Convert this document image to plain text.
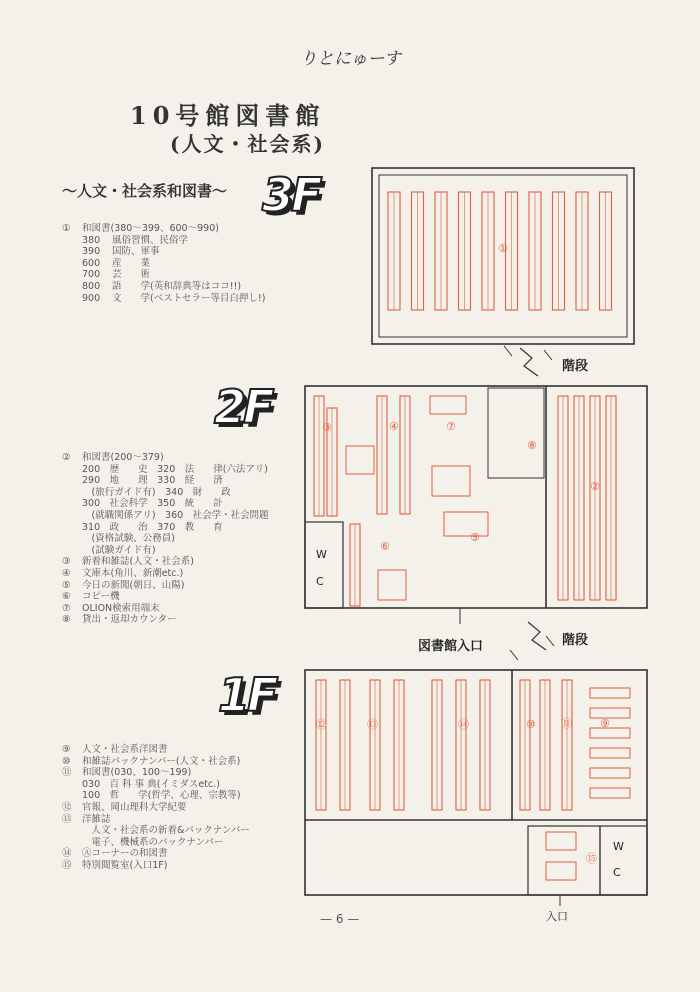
りとにゅーす
10号館図書館
(人文・社会系)
〜人文・社会系和図書〜 3F
2F
1F
①	和図書(380〜399、600〜990)
380	風俗習慣、民俗学
390	国防、軍事
600	産　　業
700	芸　　術
800	語　　学(英和辞典等はココ!!)
900	文　　学(ベストセラー等目白押し!)
②	和図書(200〜379)
200　歴　　史　320　法　　律(六法アリ)
290　地　　理　330　経　　済
　(旅行ガイド有)　340　財　　政
300　社会科学　350　統　　計
　(就職関係アリ)　360　社会学・社会問題
310　政　　治　370　教　　育
　(資格試験、公務員)
　(試験ガイド有)
③	新着和雑誌(人文・社会系)
④	文庫本(角川、新潮etc.)
⑤	今日の新聞(朝日、山陽)
⑥	コピー機
⑦	OLION検索用端末
⑧	貸出・返却カウンター
⑨	人文・社会系洋図書
⑩	和雑誌バックナンバー(人文・社会系)
⑪	和図書(030、100〜199)
030　百 科 事 典(イミダスetc.)
100　哲　　学(哲学、心理、宗教等)
⑫	官報、岡山理科大学紀要
⑬	洋雑誌
　人文・社会系の新着&バックナンバー
　電子、機械系のバックナンバー
⑭	Ⓐコーナーの和図書
⑮	特別閲覧室(入口1F)
①
②
③	④
⑤
⑥
⑦
⑧
⑨
⑩ ⑪
⑫	⑬	⑭
⑮
階段
階段
図書館入口
W
C
W
C
入口
— 6 —
